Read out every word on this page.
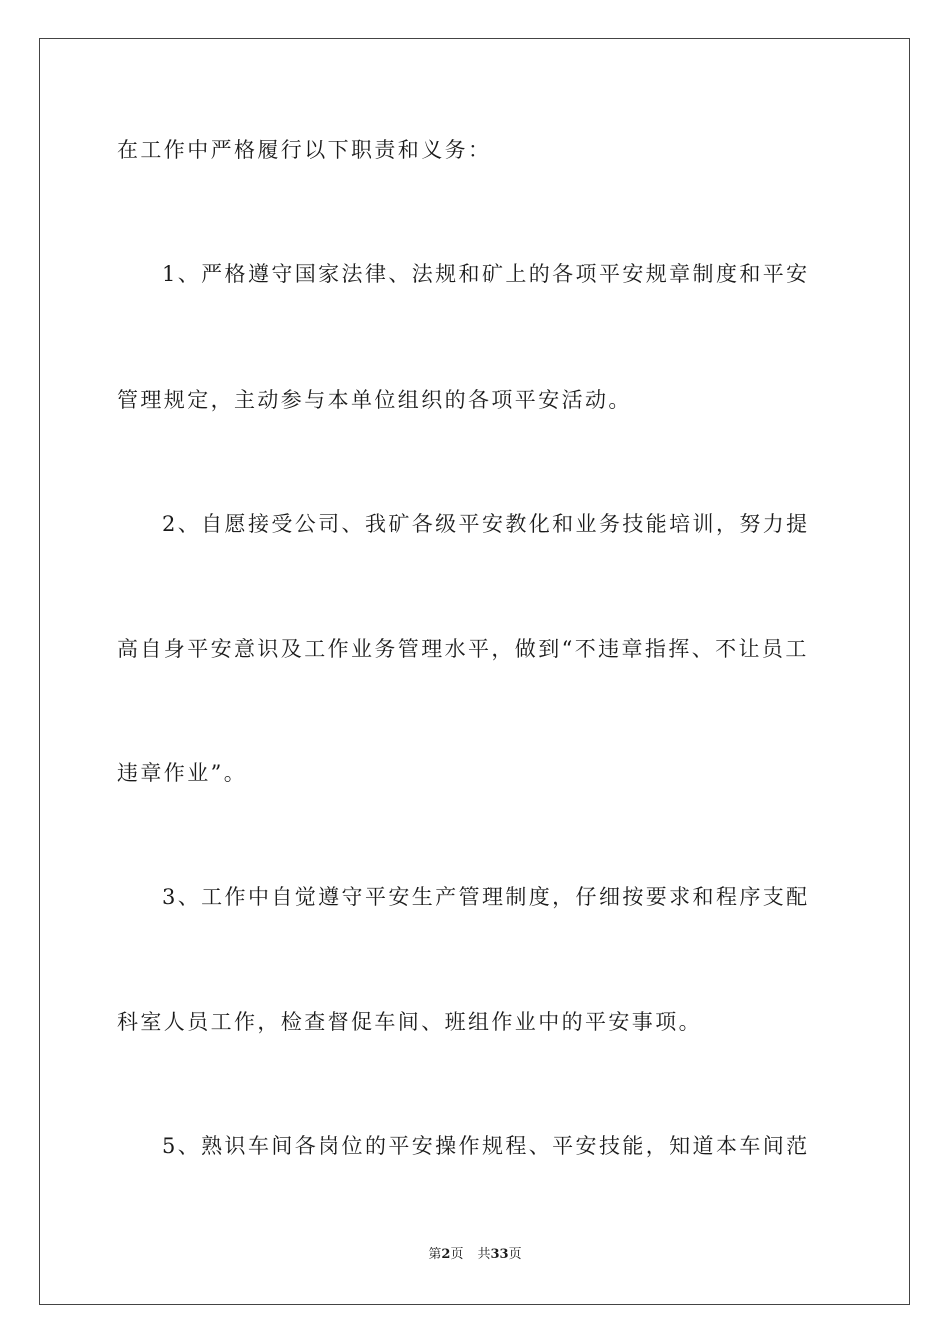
在工作中严格履行以下职责和义务：
1、严格遵守国家法律、法规和矿上的各项平安规章制度和平安
管理规定，主动参与本单位组织的各项平安活动。
2、自愿接受公司、我矿各级平安教化和业务技能培训，努力提
高自身平安意识及工作业务管理水平，做到“不违章指挥、不让员工
违章作业”。
3、工作中自觉遵守平安生产管理制度，仔细按要求和程序支配
科室人员工作，检查督促车间、班组作业中的平安事项。
5、熟识车间各岗位的平安操作规程、平安技能，知道本车间范
第2页 共33页
